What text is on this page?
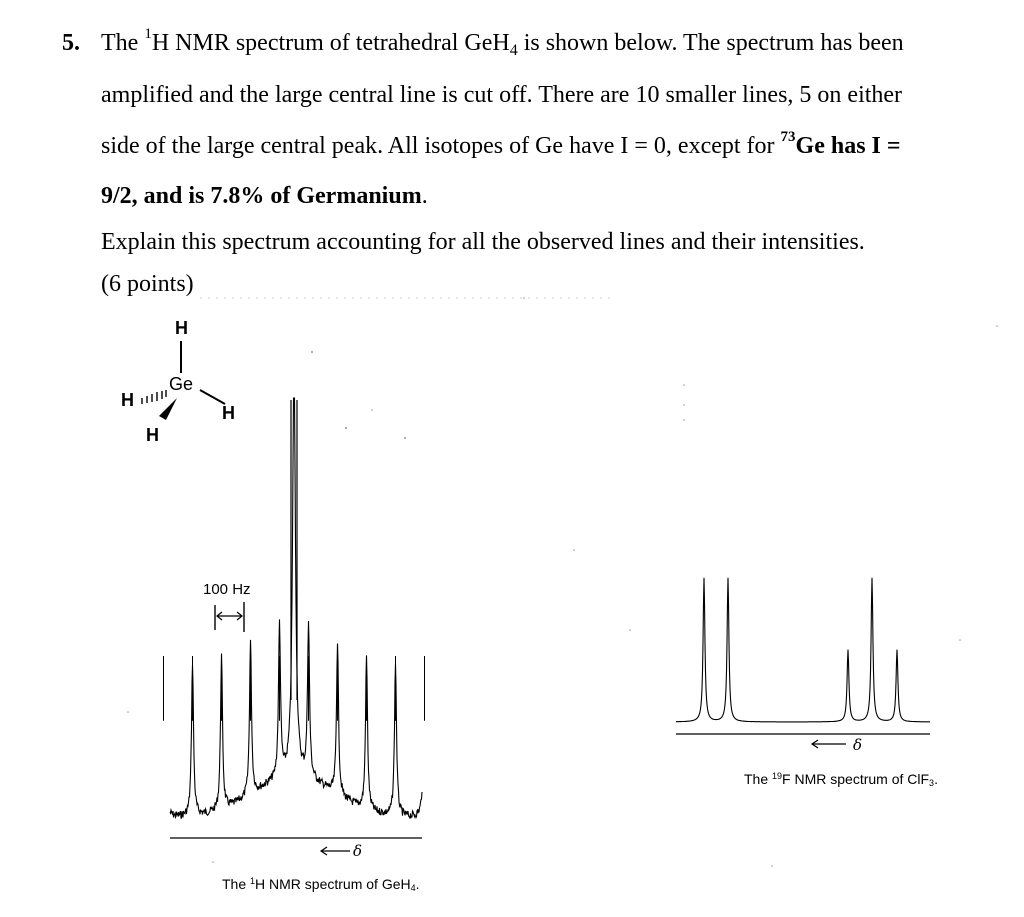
5. The $^1$H NMR spectrum of tetrahedral GeH$_4$ is shown below. The spectrum has been
amplified and the large central line is cut off. There are 10 smaller lines, 5 on either
side of the large central peak. All isotopes of Ge have I = 0, except for $^{73}$Ge has I =
9/2, and is 7.8% of Germanium.
Explain this spectrum accounting for all the observed lines and their intensities.
(6 points)
H
Ge
H
H
H
100 Hz
δ
δ
The $^1$H NMR spectrum of GeH$_4$.
The $^{19}$F NMR spectrum of ClF$_3$.
